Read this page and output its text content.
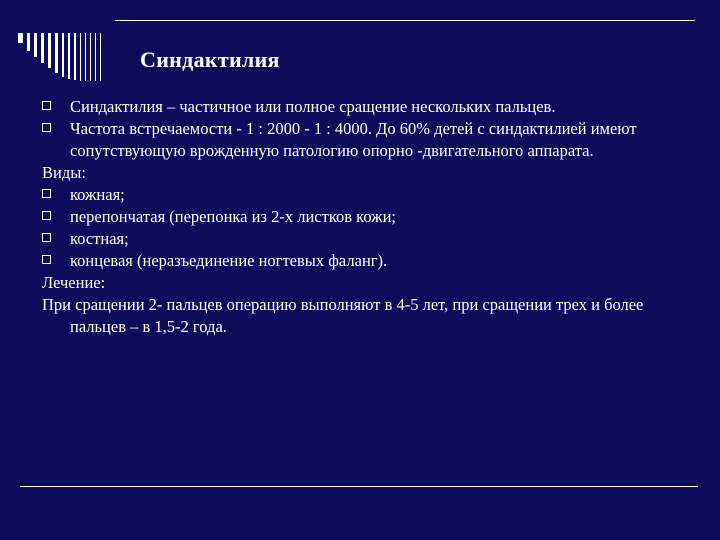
Синдактилия

Синдактилия – частичное или полное сращение нескольких пальцев.

Частота встречаемости - 1 : 2000 - 1 : 4000. До 60% детей с синдактилией имеют сопутствующую врожденную патологию опорно -двигательного аппарата.

Виды:

кожная;

перепончатая (перепонка из 2-х листков кожи;

костная;

концевая (неразъединение ногтевых фаланг).

Лечение:

При сращении 2- пальцев операцию выполняют в 4-5 лет, при сращении трех и более пальцев – в 1,5-2 года.
